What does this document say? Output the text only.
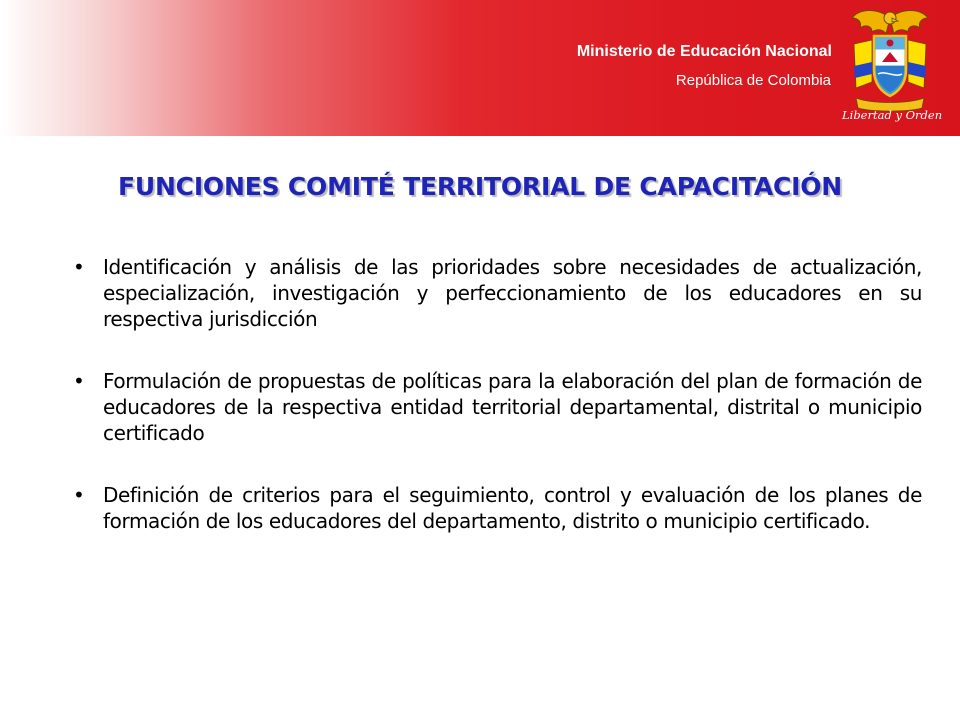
Ministerio de Educación Nacional
República de Colombia
Libertad y Orden
FUNCIONES COMITÉ TERRITORIAL DE CAPACITACIÓN
• Identificación y análisis de las prioridades sobre necesidades de actualización, especialización, investigación y perfeccionamiento de los educadores en su respectiva jurisdicción
• Formulación de propuestas de políticas para la elaboración del plan de formación de educadores de la respectiva entidad territorial departamental, distrital o municipio certificado
• Definición de criterios para el seguimiento, control y evaluación de los planes de formación de los educadores del departamento, distrito o municipio certificado.
